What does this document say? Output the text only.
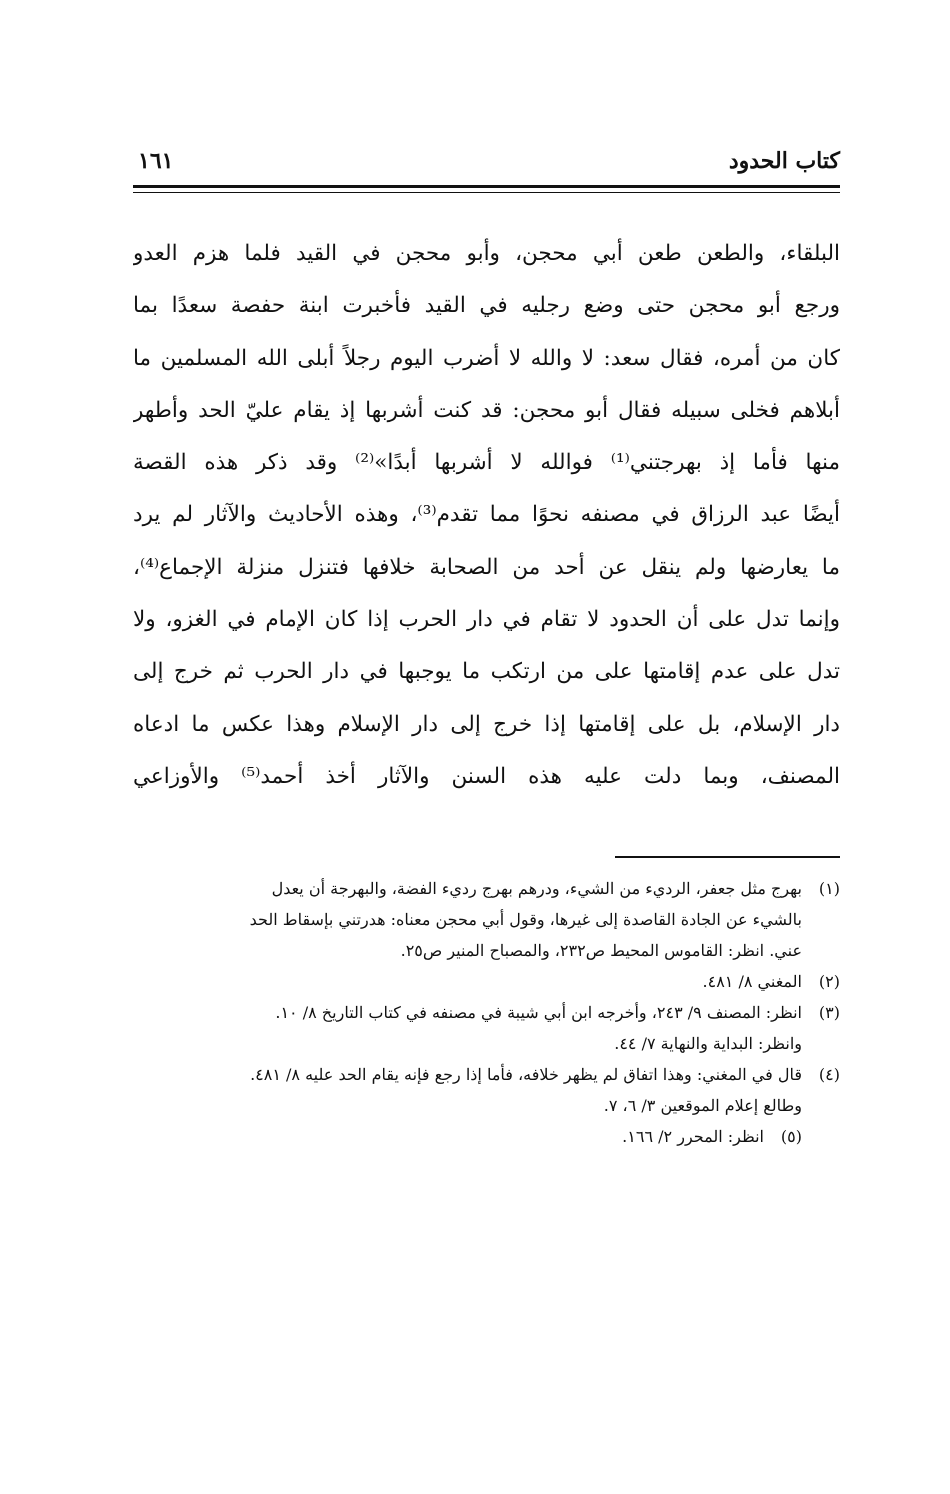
كتاب الحدود
١٦١
البلقاء، والطعن طعن أبي محجن، وأبو محجن في القيد فلما هزم العدو
ورجع أبو محجن حتى وضع رجليه في القيد فأخبرت ابنة حفصة سعدًا بما
كان من أمره، فقال سعد: لا والله لا أضرب اليوم رجلاً أبلى الله المسلمين ما
أبلاهم فخلى سبيله فقال أبو محجن: قد كنت أشربها إذ يقام عليّ الحد وأطهر
منها فأما إذ بهرجتني⁽¹⁾ فوالله لا أشربها أبدًا»⁽²⁾ وقد ذكر هذه القصة
أيضًا عبد الرزاق في مصنفه نحوًا مما تقدم⁽³⁾، وهذه الأحاديث والآثار لم يرد
ما يعارضها ولم ينقل عن أحد من الصحابة خلافها فتنزل منزلة الإجماع⁽⁴⁾،
وإنما تدل على أن الحدود لا تقام في دار الحرب إذا كان الإمام في الغزو، ولا
تدل على عدم إقامتها على من ارتكب ما يوجبها في دار الحرب ثم خرج إلى
دار الإسلام، بل على إقامتها إذا خرج إلى دار الإسلام وهذا عكس ما ادعاه
المصنف، وبما دلت عليه هذه السنن والآثار أخذ أحمد⁽⁵⁾ والأوزاعي
(١)بهرج مثل جعفر، الرديء من الشيء، ودرهم بهرج رديء الفضة، والبهرجة أن يعدل
بالشيء عن الجادة القاصدة إلى غيرها، وقول أبي محجن معناه: هدرتني بإسقاط الحد
عني. انظر: القاموس المحيط ص٢٣٢، والمصباح المنير ص٢٥.
(٢)المغني ٨/ ٤٨١.
(٣)انظر: المصنف ٩/ ٢٤٣، وأخرجه ابن أبي شيبة في مصنفه في كتاب التاريخ ٨/ ١٠.
وانظر: البداية والنهاية ٧/ ٤٤.
(٤)قال في المغني: وهذا اتفاق لم يظهر خلافه، فأما إذا رجع فإنه يقام الحد عليه ٨/ ٤٨١.
وطالع إعلام الموقعين ٣/ ٦، ٧.
(٥)انظر: المحرر ٢/ ١٦٦.
